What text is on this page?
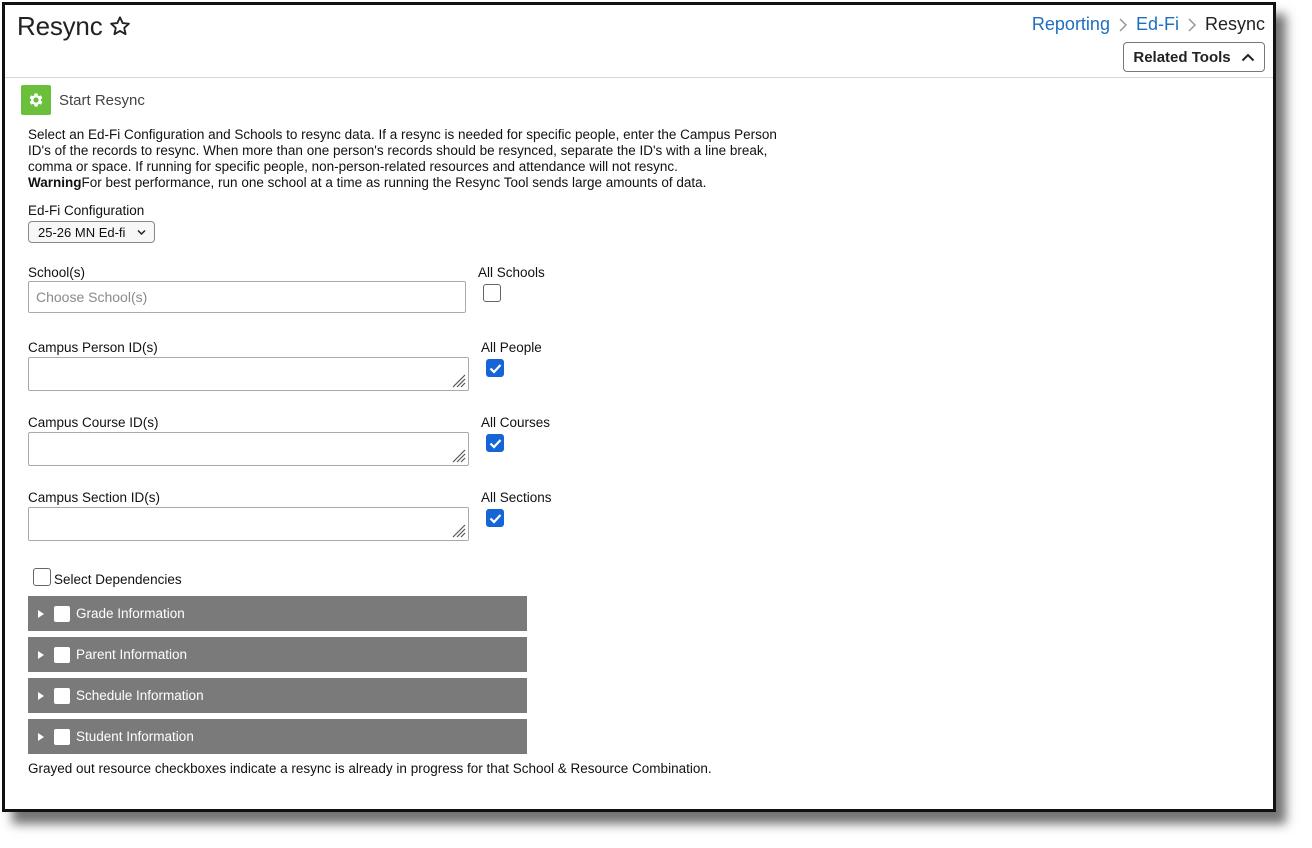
Resync	Reporting Ed-Fi Resync
Related Tools
Start Resync
Select an Ed-Fi Configuration and Schools to resync data. If a resync is needed for specific people, enter the Campus Person
ID's of the records to resync. When more than one person's records should be resynced, separate the ID's with a line break,
comma or space. If running for specific people, non-person-related resources and attendance will not resync.
WarningFor best performance, run one school at a time as running the Resync Tool sends large amounts of data.
Ed-Fi Configuration
25-26 MN Ed-fi
School(s)
Choose School(s)	All Schools
Campus Person ID(s)	All People
Campus Course ID(s)	All Courses
Campus Section ID(s)	All Sections
Select Dependencies
Grade Information
Parent Information
Schedule Information
Student Information
Grayed out resource checkboxes indicate a resync is already in progress for that School & Resource Combination.
